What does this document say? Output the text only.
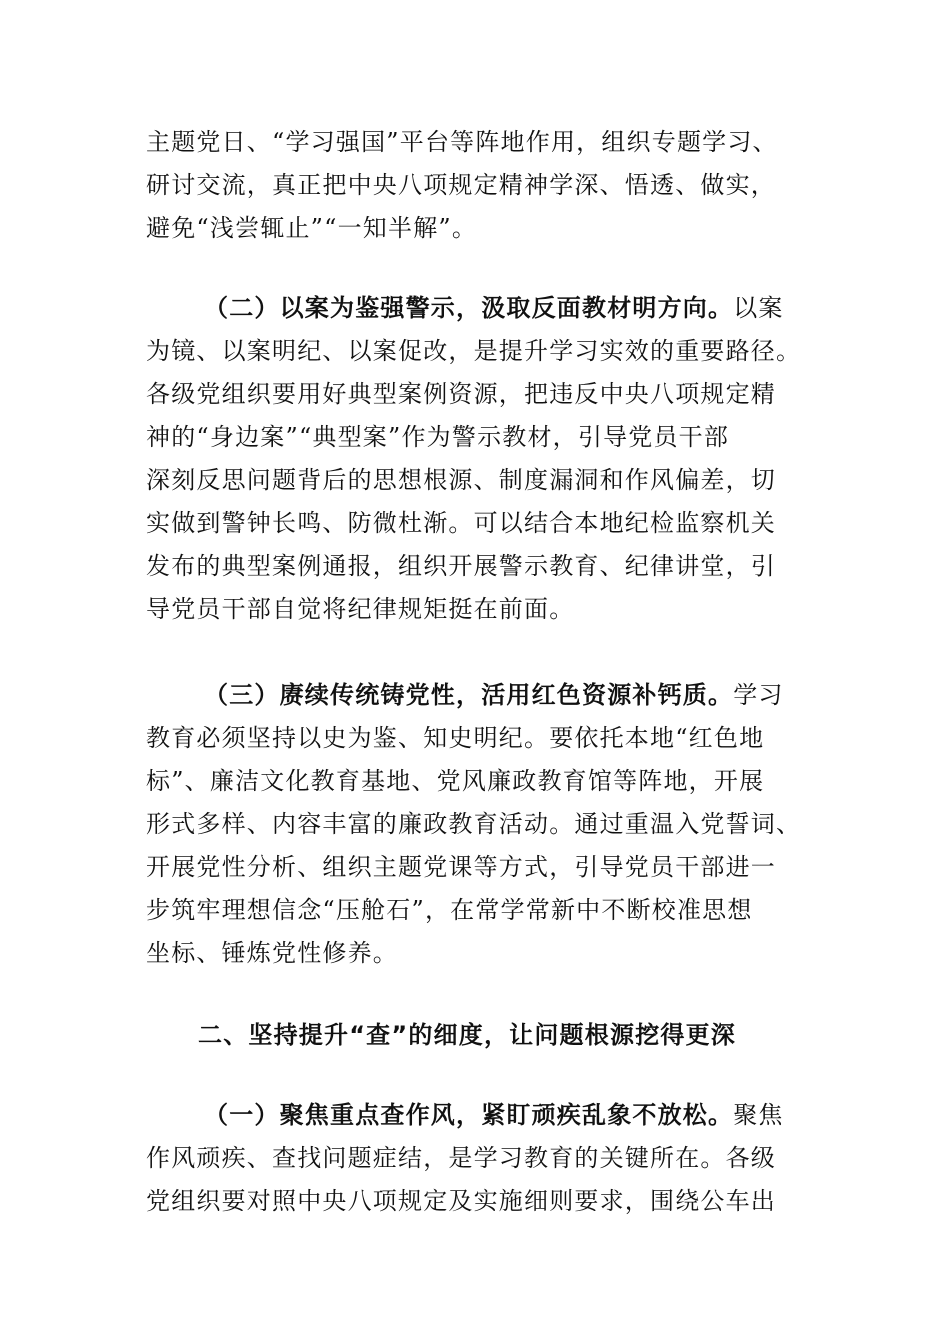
主题党日、“学习强国”平台等阵地作用，组织专题学习、
研讨交流，真正把中央八项规定精神学深、悟透、做实，
避免“浅尝辄止”“一知半解”。
（二）以案为鉴强警示，汲取反面教材明方向。以案
为镜、以案明纪、以案促改，是提升学习实效的重要路径。
各级党组织要用好典型案例资源，把违反中央八项规定精
神的“身边案”“典型案”作为警示教材，引导党员干部
深刻反思问题背后的思想根源、制度漏洞和作风偏差，切
实做到警钟长鸣、防微杜渐。可以结合本地纪检监察机关
发布的典型案例通报，组织开展警示教育、纪律讲堂，引
导党员干部自觉将纪律规矩挺在前面。
（三）赓续传统铸党性，活用红色资源补钙质。学习
教育必须坚持以史为鉴、知史明纪。要依托本地“红色地
标”、廉洁文化教育基地、党风廉政教育馆等阵地，开展
形式多样、内容丰富的廉政教育活动。通过重温入党誓词、
开展党性分析、组织主题党课等方式，引导党员干部进一
步筑牢理想信念“压舱石”，在常学常新中不断校准思想
坐标、锤炼党性修养。
二、坚持提升“查”的细度，让问题根源挖得更深
（一）聚焦重点查作风，紧盯顽疾乱象不放松。聚焦
作风顽疾、查找问题症结，是学习教育的关键所在。各级
党组织要对照中央八项规定及实施细则要求，围绕公车出
